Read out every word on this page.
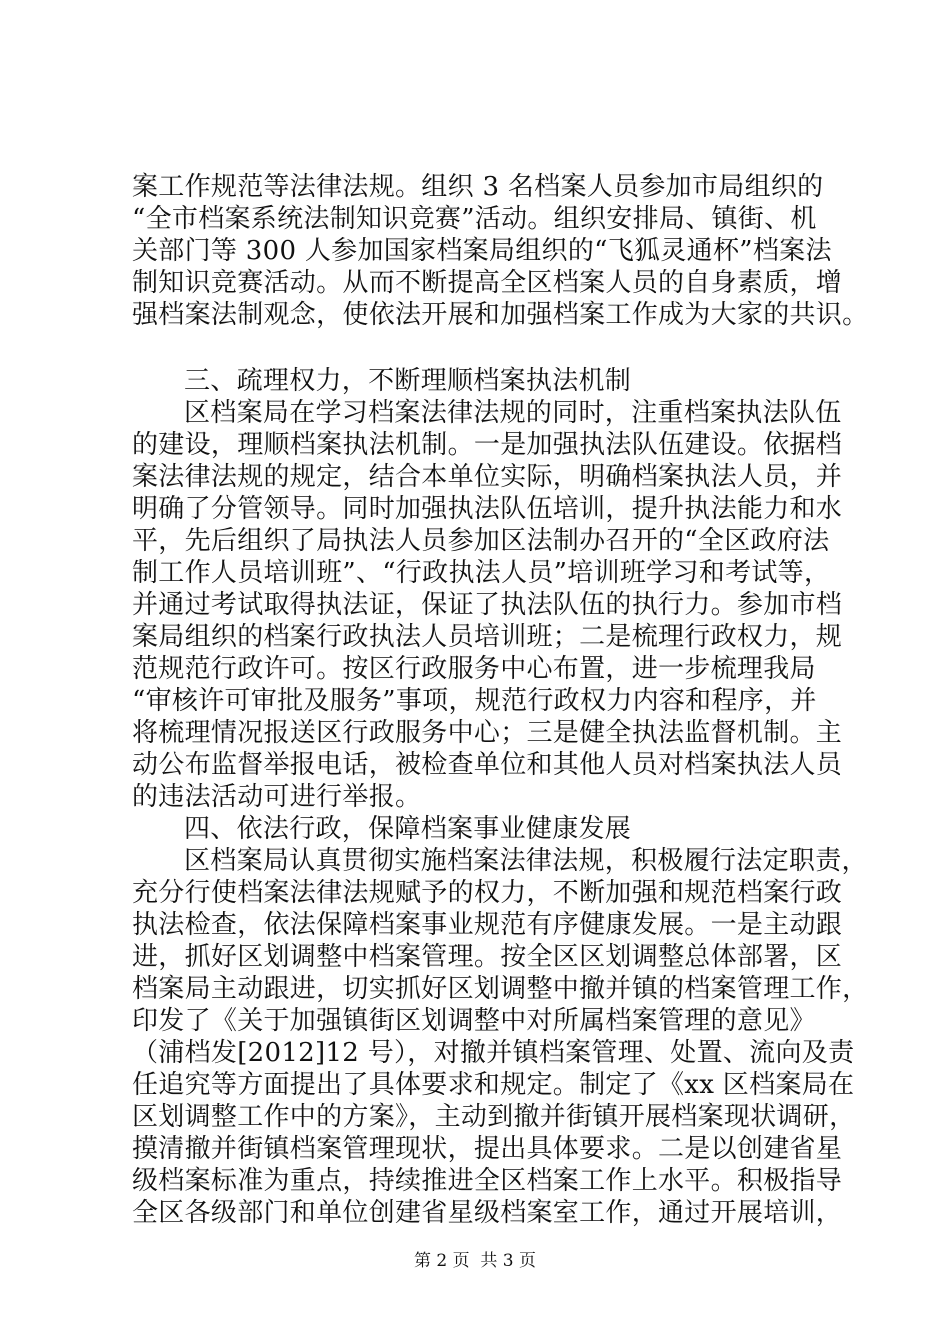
案工作规范等法律法规。组织 3 名档案人员参加市局组织的
“全市档案系统法制知识竞赛”活动。组织安排局、镇街、机
关部门等 300 人参加国家档案局组织的“飞狐灵通杯”档案法
制知识竞赛活动。从而不断提高全区档案人员的自身素质，增
强档案法制观念，使依法开展和加强档案工作成为大家的共识。
三、疏理权力，不断理顺档案执法机制
区档案局在学习档案法律法规的同时，注重档案执法队伍
的建设，理顺档案执法机制。一是加强执法队伍建设。依据档
案法律法规的规定，结合本单位实际，明确档案执法人员，并
明确了分管领导。同时加强执法队伍培训，提升执法能力和水
平，先后组织了局执法人员参加区法制办召开的“全区政府法
制工作人员培训班”、“行政执法人员”培训班学习和考试等，
并通过考试取得执法证，保证了执法队伍的执行力。参加市档
案局组织的档案行政执法人员培训班；二是梳理行政权力，规
范规范行政许可。按区行政服务中心布置，进一步梳理我局
“审核许可审批及服务”事项，规范行政权力内容和程序，并
将梳理情况报送区行政服务中心；三是健全执法监督机制。主
动公布监督举报电话，被检查单位和其他人员对档案执法人员
的违法活动可进行举报。
四、依法行政，保障档案事业健康发展
区档案局认真贯彻实施档案法律法规，积极履行法定职责，
充分行使档案法律法规赋予的权力，不断加强和规范档案行政
执法检查，依法保障档案事业规范有序健康发展。一是主动跟
进，抓好区划调整中档案管理。按全区区划调整总体部署，区
档案局主动跟进，切实抓好区划调整中撤并镇的档案管理工作，
印发了《关于加强镇街区划调整中对所属档案管理的意见》
（浦档发[2012]12 号），对撤并镇档案管理、处置、流向及责
任追究等方面提出了具体要求和规定。制定了《xx 区档案局在
区划调整工作中的方案》，主动到撤并街镇开展档案现状调研，
摸清撤并街镇档案管理现状，提出具体要求。二是以创建省星
级档案标准为重点，持续推进全区档案工作上水平。积极指导
全区各级部门和单位创建省星级档案室工作，通过开展培训，
第 2 页  共 3 页
